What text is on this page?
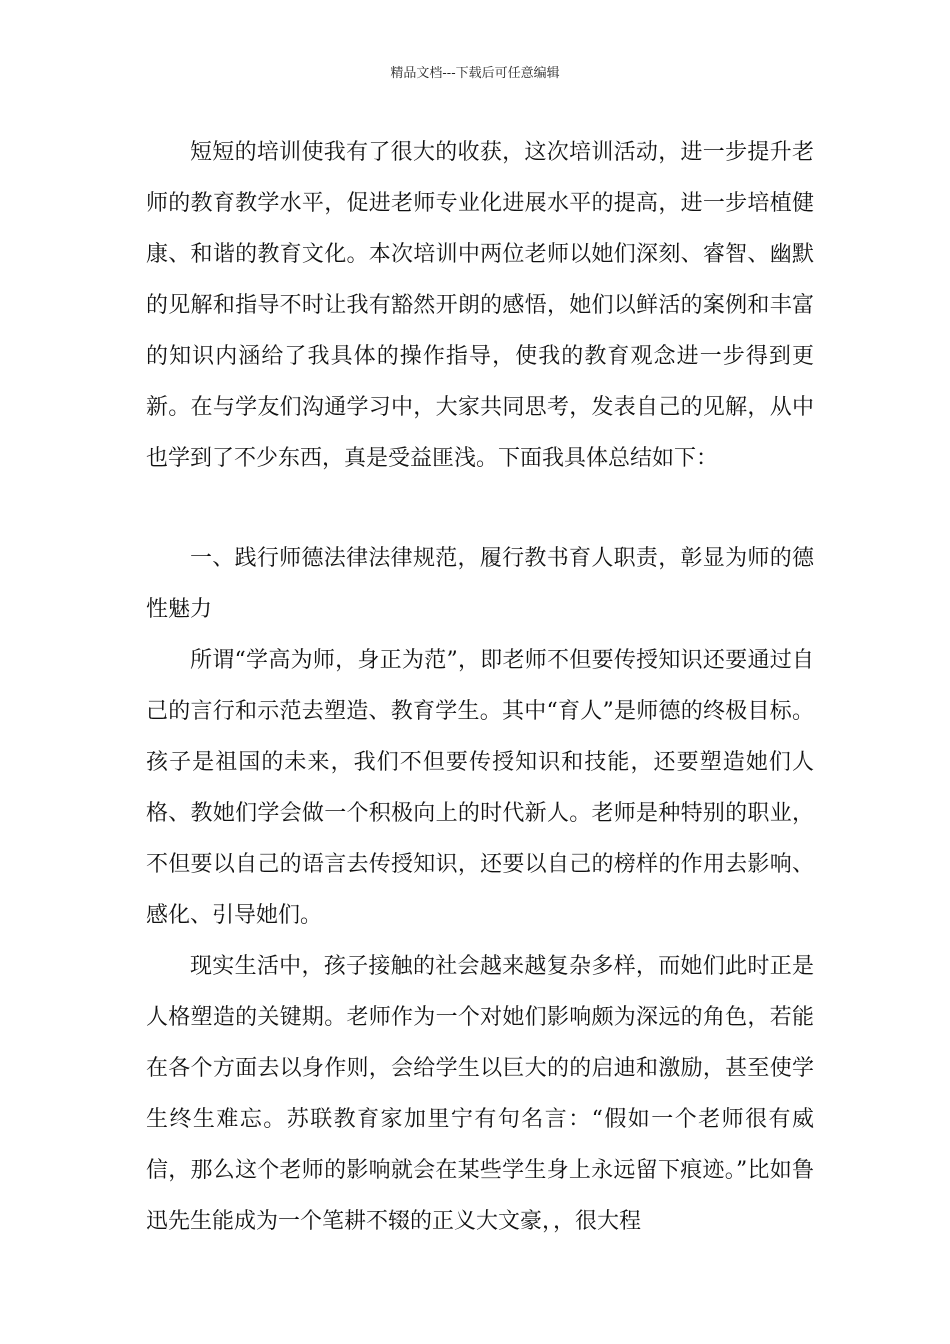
精品文档---下载后可任意编辑

短短的培训使我有了很大的收获，这次培训活动，进一步提升老师的教育教学水平，促进老师专业化进展水平的提高，进一步培植健康、和谐的教育文化。本次培训中两位老师以她们深刻、睿智、幽默的见解和指导不时让我有豁然开朗的感悟，她们以鲜活的案例和丰富的知识内涵给了我具体的操作指导，使我的教育观念进一步得到更新。在与学友们沟通学习中，大家共同思考，发表自己的见解，从中也学到了不少东西，真是受益匪浅。下面我具体总结如下：

一、践行师德法律法律规范，履行教书育人职责，彰显为师的德性魅力

所谓“学高为师，身正为范”，即老师不但要传授知识还要通过自己的言行和示范去塑造、教育学生。其中“育人”是师德的终极目标。孩子是祖国的未来，我们不但要传授知识和技能，还要塑造她们人格、教她们学会做一个积极向上的时代新人。老师是种特别的职业，不但要以自己的语言去传授知识，还要以自己的榜样的作用去影响、感化、引导她们。

现实生活中，孩子接触的社会越来越复杂多样，而她们此时正是人格塑造的关键期。老师作为一个对她们影响颇为深远的角色，若能在各个方面去以身作则，会给学生以巨大的的启迪和激励，甚至使学生终生难忘。苏联教育家加里宁有句名言：“假如一个老师很有威信，那么这个老师的影响就会在某些学生身上永远留下痕迹。”比如鲁迅先生能成为一个笔耕不辍的正义大文豪，，很大程
